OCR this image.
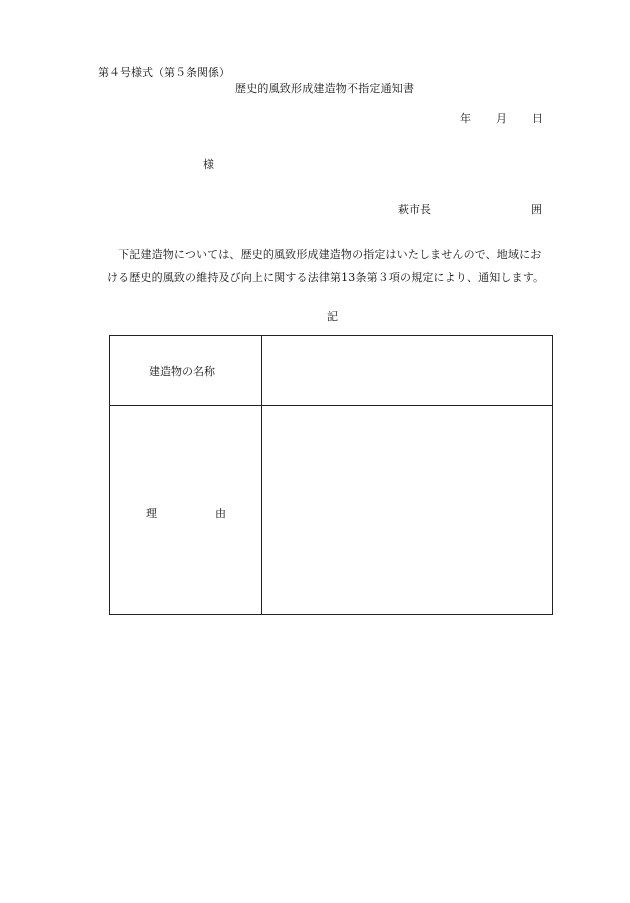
第４号様式（第５条関係）
歴史的風致形成建造物不指定通知書
年 月 日
様
萩市長	囲
　下記建造物については、歴史的風致形成建造物の指定はいたしませんので、地域にお
ける歴史的風致の維持及び向上に関する法律第13条第３項の規定により、通知します。
記
建造物の名称
理	由
